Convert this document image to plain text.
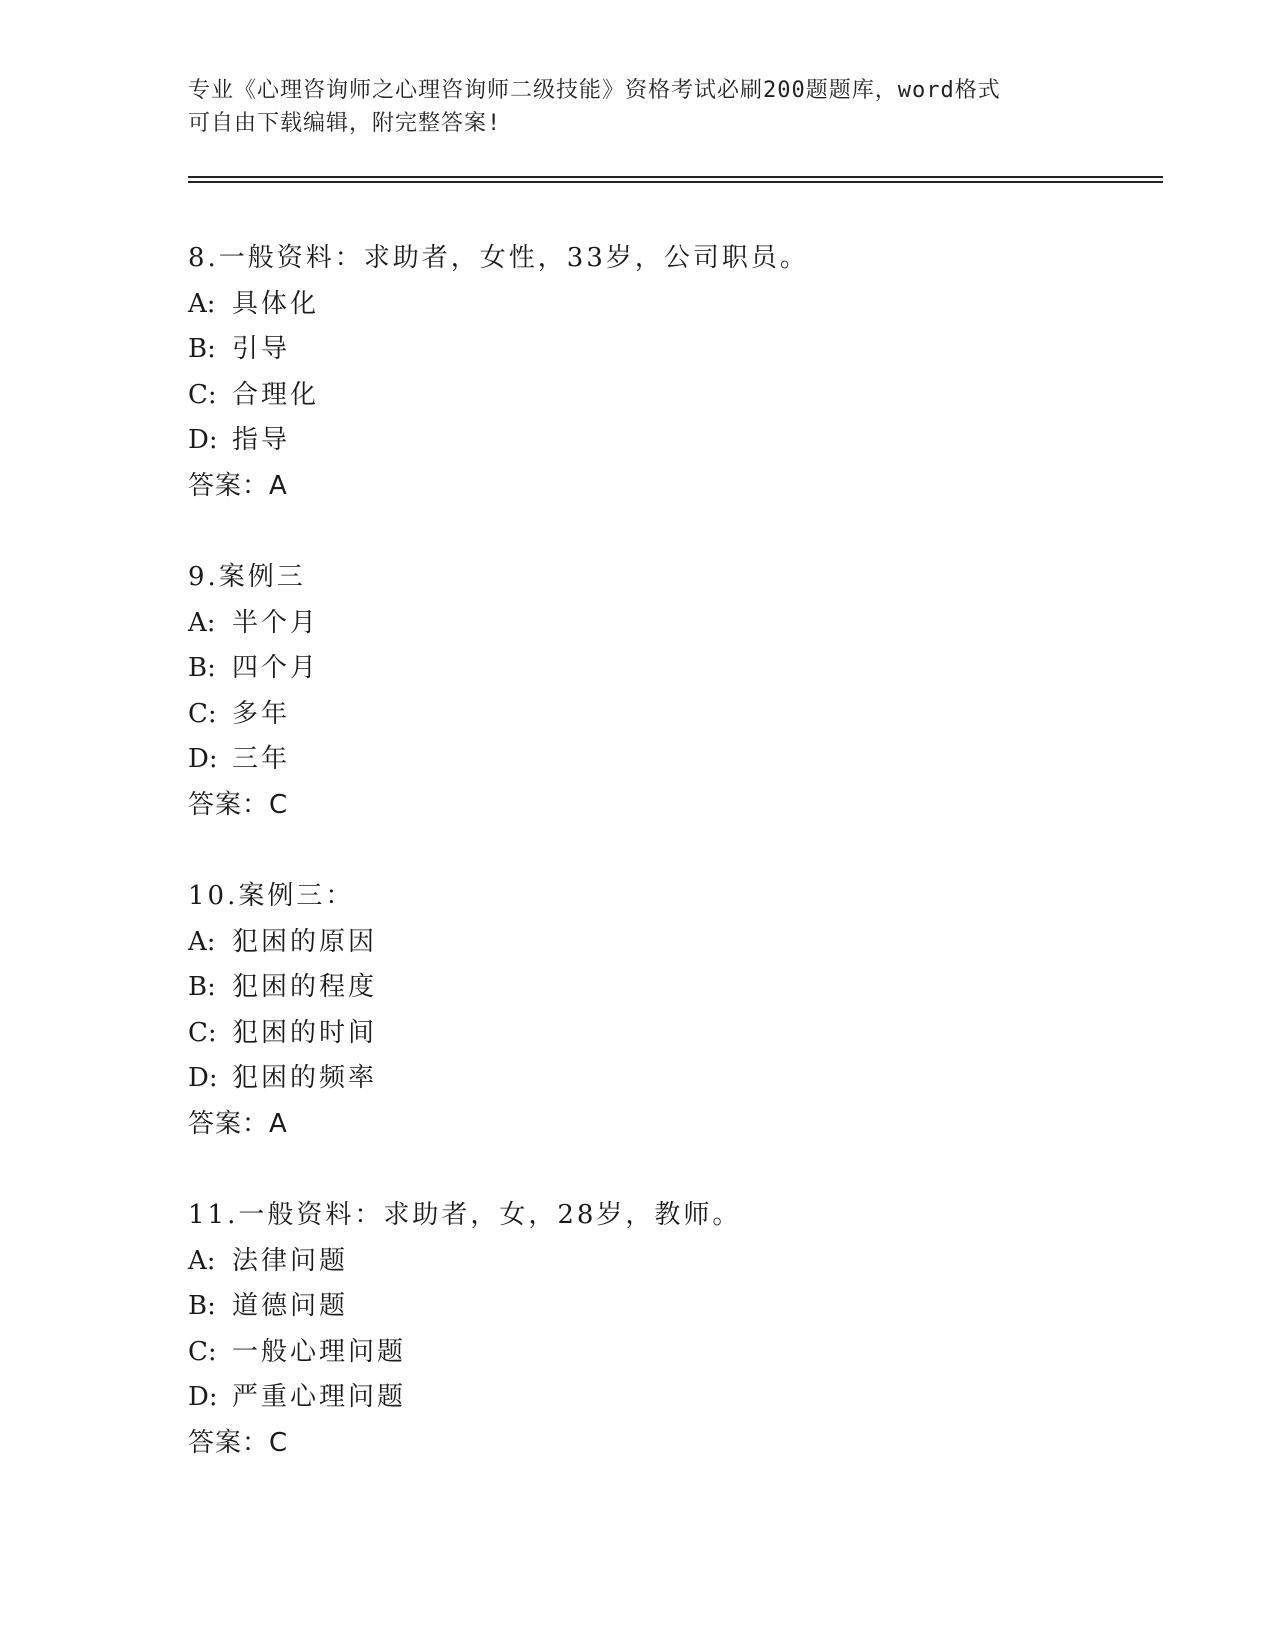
专业《心理咨询师之心理咨询师二级技能》资格考试必刷200题题库，word格式
可自由下载编辑，附完整答案!
8.一般资料：求助者，女性，33岁，公司职员。
A: 具体化
B: 引导
C: 合理化
D: 指导
答案：A
9.案例三
A: 半个月
B: 四个月
C: 多年
D: 三年
答案：C
10.案例三：
A: 犯困的原因
B: 犯困的程度
C: 犯困的时间
D: 犯困的频率
答案：A
11.一般资料：求助者，女，28岁，教师。
A: 法律问题
B: 道德问题
C: 一般心理问题
D: 严重心理问题
答案：C
